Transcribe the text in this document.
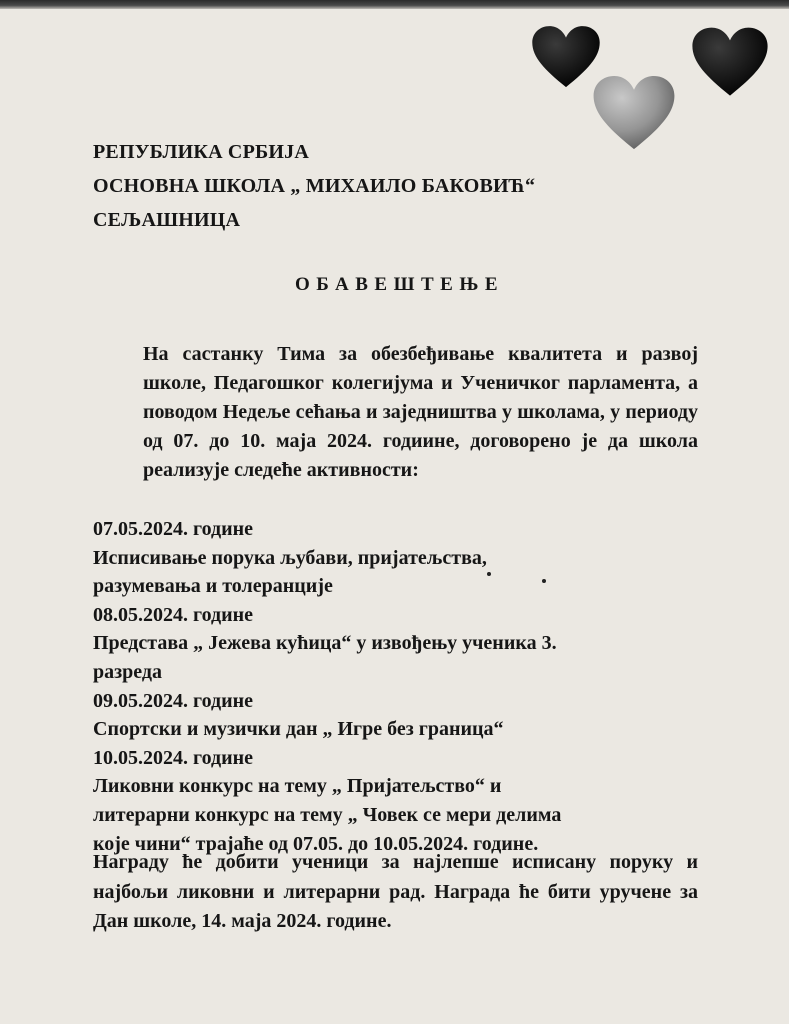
РЕПУБЛИКА СРБИЈА
ОСНОВНА ШКОЛА „ МИХАИЛО БАКОВИЋ“
СЕЉАШНИЦА
ОБАВЕШТЕЊЕ
На састанку Тима за обезбеђивање квалитета и развој школе, Педагошког колегијума и Ученичког парламента, а поводом Недеље сећања и заједништва у школама, у периоду од 07. до 10. маја 2024. годиине, договорено је да школа реализује следеће активности:
07.05.2024. године
Исписивање порука љубави, пријатељства,
разумевања и толеранције
08.05.2024. године
Представа „ Јежева кућица“ у извођењу ученика 3.
разреда
09.05.2024. године
Спортски и музички дан „ Игре без граница“
10.05.2024. године
Ликовни конкурс на тему „ Пријатељство“ и
литерарни конкурс на тему „ Човек се мери делима
које чини“ трајаће од 07.05. до 10.05.2024. године.
Награду ће добити ученици за најлепше исписану поруку и најбољи ликовни и литерарни рад. Награда ће бити уручене за Дан школе, 14. маја 2024. године.
